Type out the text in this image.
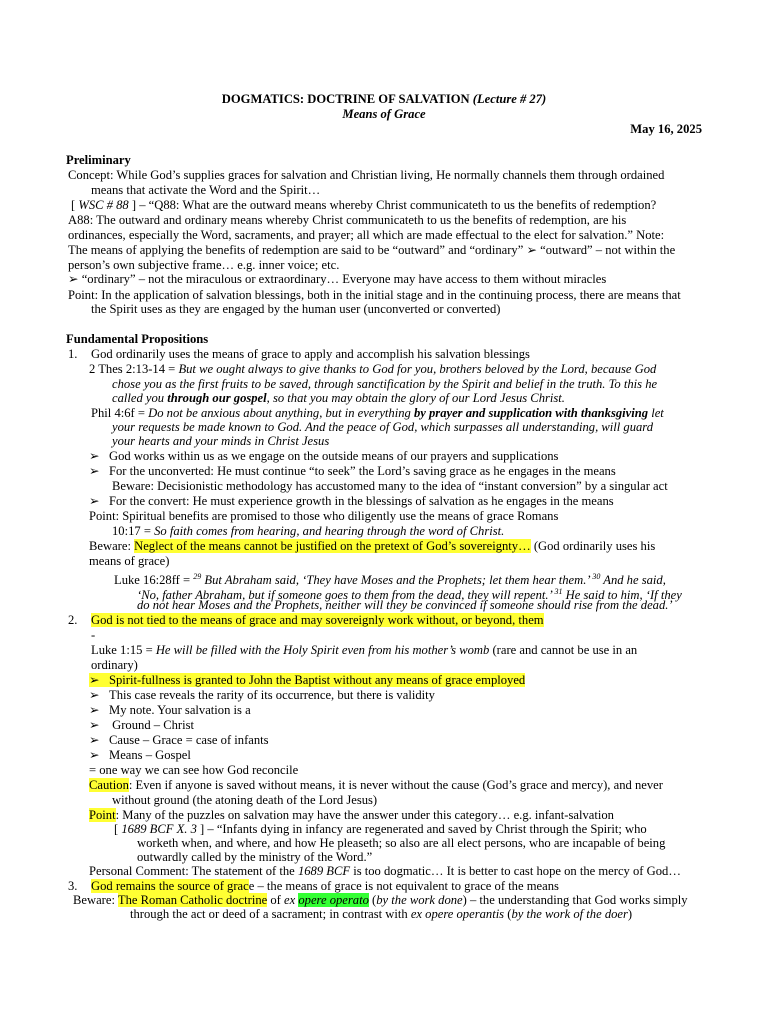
DOGMATICS: DOCTRINE OF SALVATION (Lecture # 27)
Means of Grace
May 16, 2025
Preliminary
Concept: While God’s supplies graces for salvation and Christian living, He normally channels them through ordained
means that activate the Word and the Spirit…
[ WSC # 88 ] – “Q88: What are the outward means whereby Christ communicateth to us the benefits of redemption?
A88: The outward and ordinary means whereby Christ communicateth to us the benefits of redemption, are his
ordinances, especially the Word, sacraments, and prayer; all which are made effectual to the elect for salvation.” Note:
The means of applying the benefits of redemption are said to be “outward” and “ordinary” ➢ “outward” – not within the
person’s own subjective frame… e.g. inner voice; etc.
➢ “ordinary” – not the miraculous or extraordinary… Everyone may have access to them without miracles
Point: In the application of salvation blessings, both in the initial stage and in the continuing process, there are means that
the Spirit uses as they are engaged by the human user (unconverted or converted)
Fundamental Propositions
1. God ordinarily uses the means of grace to apply and accomplish his salvation blessings
2 Thes 2:13-14 = But we ought always to give thanks to God for you, brothers beloved by the Lord, because God
chose you as the first fruits to be saved, through sanctification by the Spirit and belief in the truth. To this he
called you through our gospel, so that you may obtain the glory of our Lord Jesus Christ.
Phil 4:6f = Do not be anxious about anything, but in everything by prayer and supplication with thanksgiving let
your requests be made known to God. And the peace of God, which surpasses all understanding, will guard
your hearts and your minds in Christ Jesus
➢ God works within us as we engage on the outside means of our prayers and supplications
➢ For the unconverted: He must continue “to seek” the Lord’s saving grace as he engages in the means
Beware: Decisionistic methodology has accustomed many to the idea of “instant conversion” by a singular act
➢ For the convert: He must experience growth in the blessings of salvation as he engages in the means
Point: Spiritual benefits are promised to those who diligently use the means of grace Romans
10:17 = So faith comes from hearing, and hearing through the word of Christ.
Beware: Neglect of the means cannot be justified on the pretext of God’s sovereignty… (God ordinarily uses his
means of grace)
Luke 16:28ff = $^{29}$ But Abraham said, ‘They have Moses and the Prophets; let them hear them.’ $^{30}$ And he said,
‘No, father Abraham, but if someone goes to them from the dead, they will repent.’ $^{31}$ He said to him, ‘If they
do not hear Moses and the Prophets, neither will they be convinced if someone should rise from the dead.’
2. God is not tied to the means of grace and may sovereignly work without, or beyond, them
-
Luke 1:15 = He will be filled with the Holy Spirit even from his mother’s womb (rare and cannot be use in an
ordinary)
➢ Spirit-fullness is granted to John the Baptist without any means of grace employed
➢ This case reveals the rarity of its occurrence, but there is validity
➢ My note. Your salvation is a
➢ Ground – Christ
➢ Cause – Grace = case of infants
➢ Means – Gospel
= one way we can see how God reconcile
Caution: Even if anyone is saved without means, it is never without the cause (God’s grace and mercy), and never
without ground (the atoning death of the Lord Jesus)
Point: Many of the puzzles on salvation may have the answer under this category… e.g. infant-salvation
[ 1689 BCF X. 3 ] – “Infants dying in infancy are regenerated and saved by Christ through the Spirit; who
worketh when, and where, and how He pleaseth; so also are all elect persons, who are incapable of being
outwardly called by the ministry of the Word.”
Personal Comment: The statement of the 1689 BCF is too dogmatic… It is better to cast hope on the mercy of God…
3. God remains the source of grace – the means of grace is not equivalent to grace of the means
Beware: The Roman Catholic doctrine of ex opere operato (by the work done) – the understanding that God works simply
through the act or deed of a sacrament; in contrast with ex opere operantis (by the work of the doer)
